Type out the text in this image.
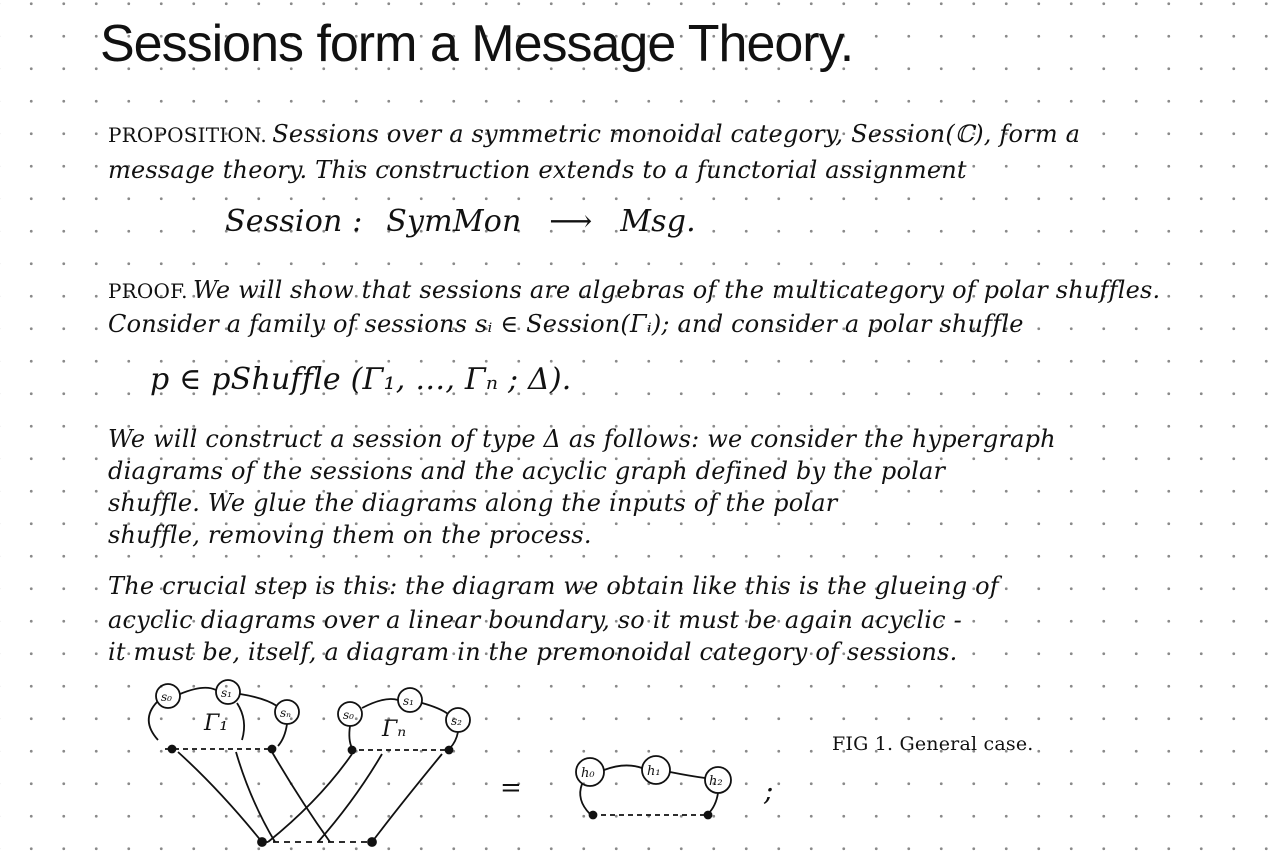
Sessions form a Message Theory.
PROPOSITION. Sessions over a symmetric monoidal category, Session(ℂ), form a
message theory. This construction extends to a functorial assignment
Session : SymMon ⟶ Msg.
PROOF. We will show that sessions are algebras of the multicategory of polar shuffles.
Consider a family of sessions sᵢ ∈ Session(Γᵢ); and consider a polar shuffle
p ∈ pShuffle (Γ₁, …, Γₙ ; Δ).
We will construct a session of type Δ as follows: we consider the hypergraph
diagrams of the sessions and the acyclic graph defined by the polar
shuffle. We glue the diagrams along the inputs of the polar
shuffle, removing them on the process.
The crucial step is this: the diagram we obtain like this is the glueing of
acyclic diagrams over a linear boundary, so it must be again acyclic -
it must be, itself, a diagram in the premonoidal category of sessions.
s₀	s₁
sₙ
Γ₁	s₀
s₁
s₂
Γₙ
=	h₀	h₁
h₂ ;
FIG 1. General case.
